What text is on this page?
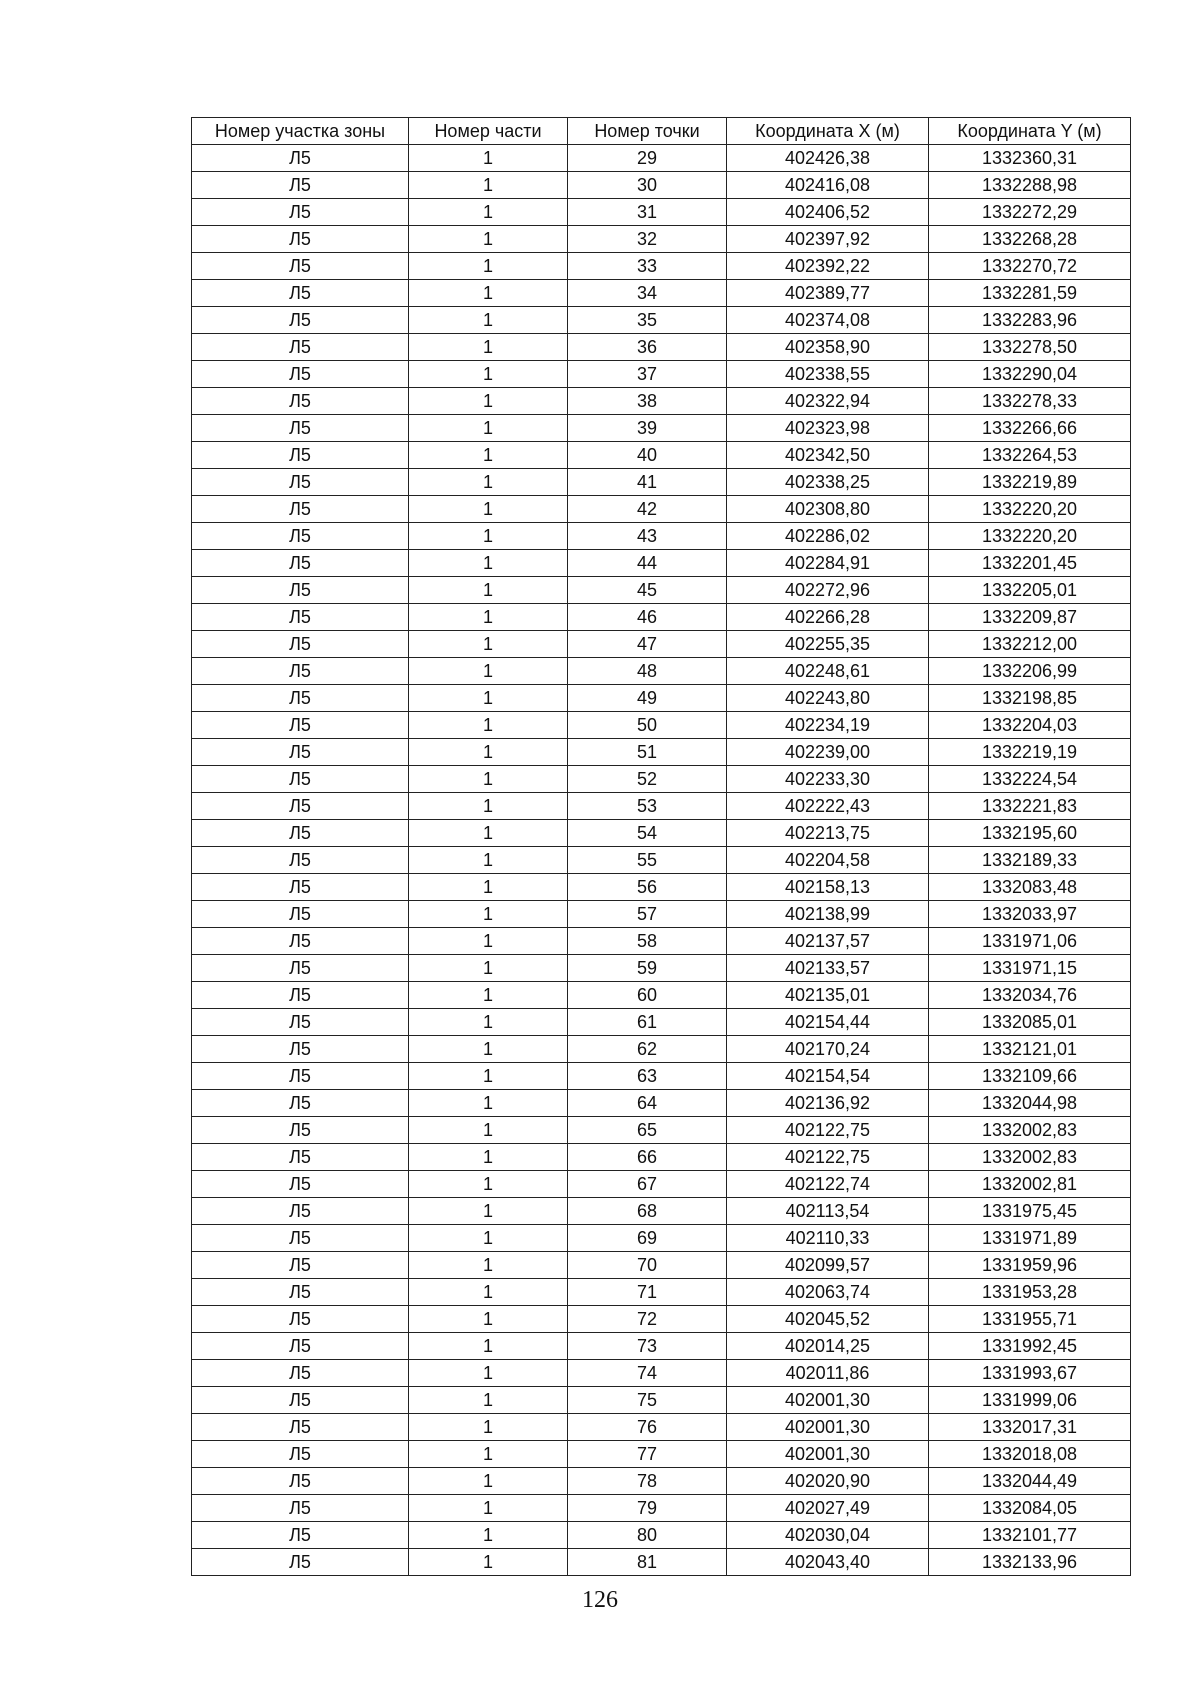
Номер участка зоны	Номер части	Номер точки	Координата X (м)	Координата Y (м)
Л5	1	29	402426,38	1332360,31
Л5	1	30	402416,08	1332288,98
Л5	1	31	402406,52	1332272,29
Л5	1	32	402397,92	1332268,28
Л5	1	33	402392,22	1332270,72
Л5	1	34	402389,77	1332281,59
Л5	1	35	402374,08	1332283,96
Л5	1	36	402358,90	1332278,50
Л5	1	37	402338,55	1332290,04
Л5	1	38	402322,94	1332278,33
Л5	1	39	402323,98	1332266,66
Л5	1	40	402342,50	1332264,53
Л5	1	41	402338,25	1332219,89
Л5	1	42	402308,80	1332220,20
Л5	1	43	402286,02	1332220,20
Л5	1	44	402284,91	1332201,45
Л5	1	45	402272,96	1332205,01
Л5	1	46	402266,28	1332209,87
Л5	1	47	402255,35	1332212,00
Л5	1	48	402248,61	1332206,99
Л5	1	49	402243,80	1332198,85
Л5	1	50	402234,19	1332204,03
Л5	1	51	402239,00	1332219,19
Л5	1	52	402233,30	1332224,54
Л5	1	53	402222,43	1332221,83
Л5	1	54	402213,75	1332195,60
Л5	1	55	402204,58	1332189,33
Л5	1	56	402158,13	1332083,48
Л5	1	57	402138,99	1332033,97
Л5	1	58	402137,57	1331971,06
Л5	1	59	402133,57	1331971,15
Л5	1	60	402135,01	1332034,76
Л5	1	61	402154,44	1332085,01
Л5	1	62	402170,24	1332121,01
Л5	1	63	402154,54	1332109,66
Л5	1	64	402136,92	1332044,98
Л5	1	65	402122,75	1332002,83
Л5	1	66	402122,75	1332002,83
Л5	1	67	402122,74	1332002,81
Л5	1	68	402113,54	1331975,45
Л5	1	69	402110,33	1331971,89
Л5	1	70	402099,57	1331959,96
Л5	1	71	402063,74	1331953,28
Л5	1	72	402045,52	1331955,71
Л5	1	73	402014,25	1331992,45
Л5	1	74	402011,86	1331993,67
Л5	1	75	402001,30	1331999,06
Л5	1	76	402001,30	1332017,31
Л5	1	77	402001,30	1332018,08
Л5	1	78	402020,90	1332044,49
Л5	1	79	402027,49	1332084,05
Л5	1	80	402030,04	1332101,77
Л5	1	81	402043,40	1332133,96
126
